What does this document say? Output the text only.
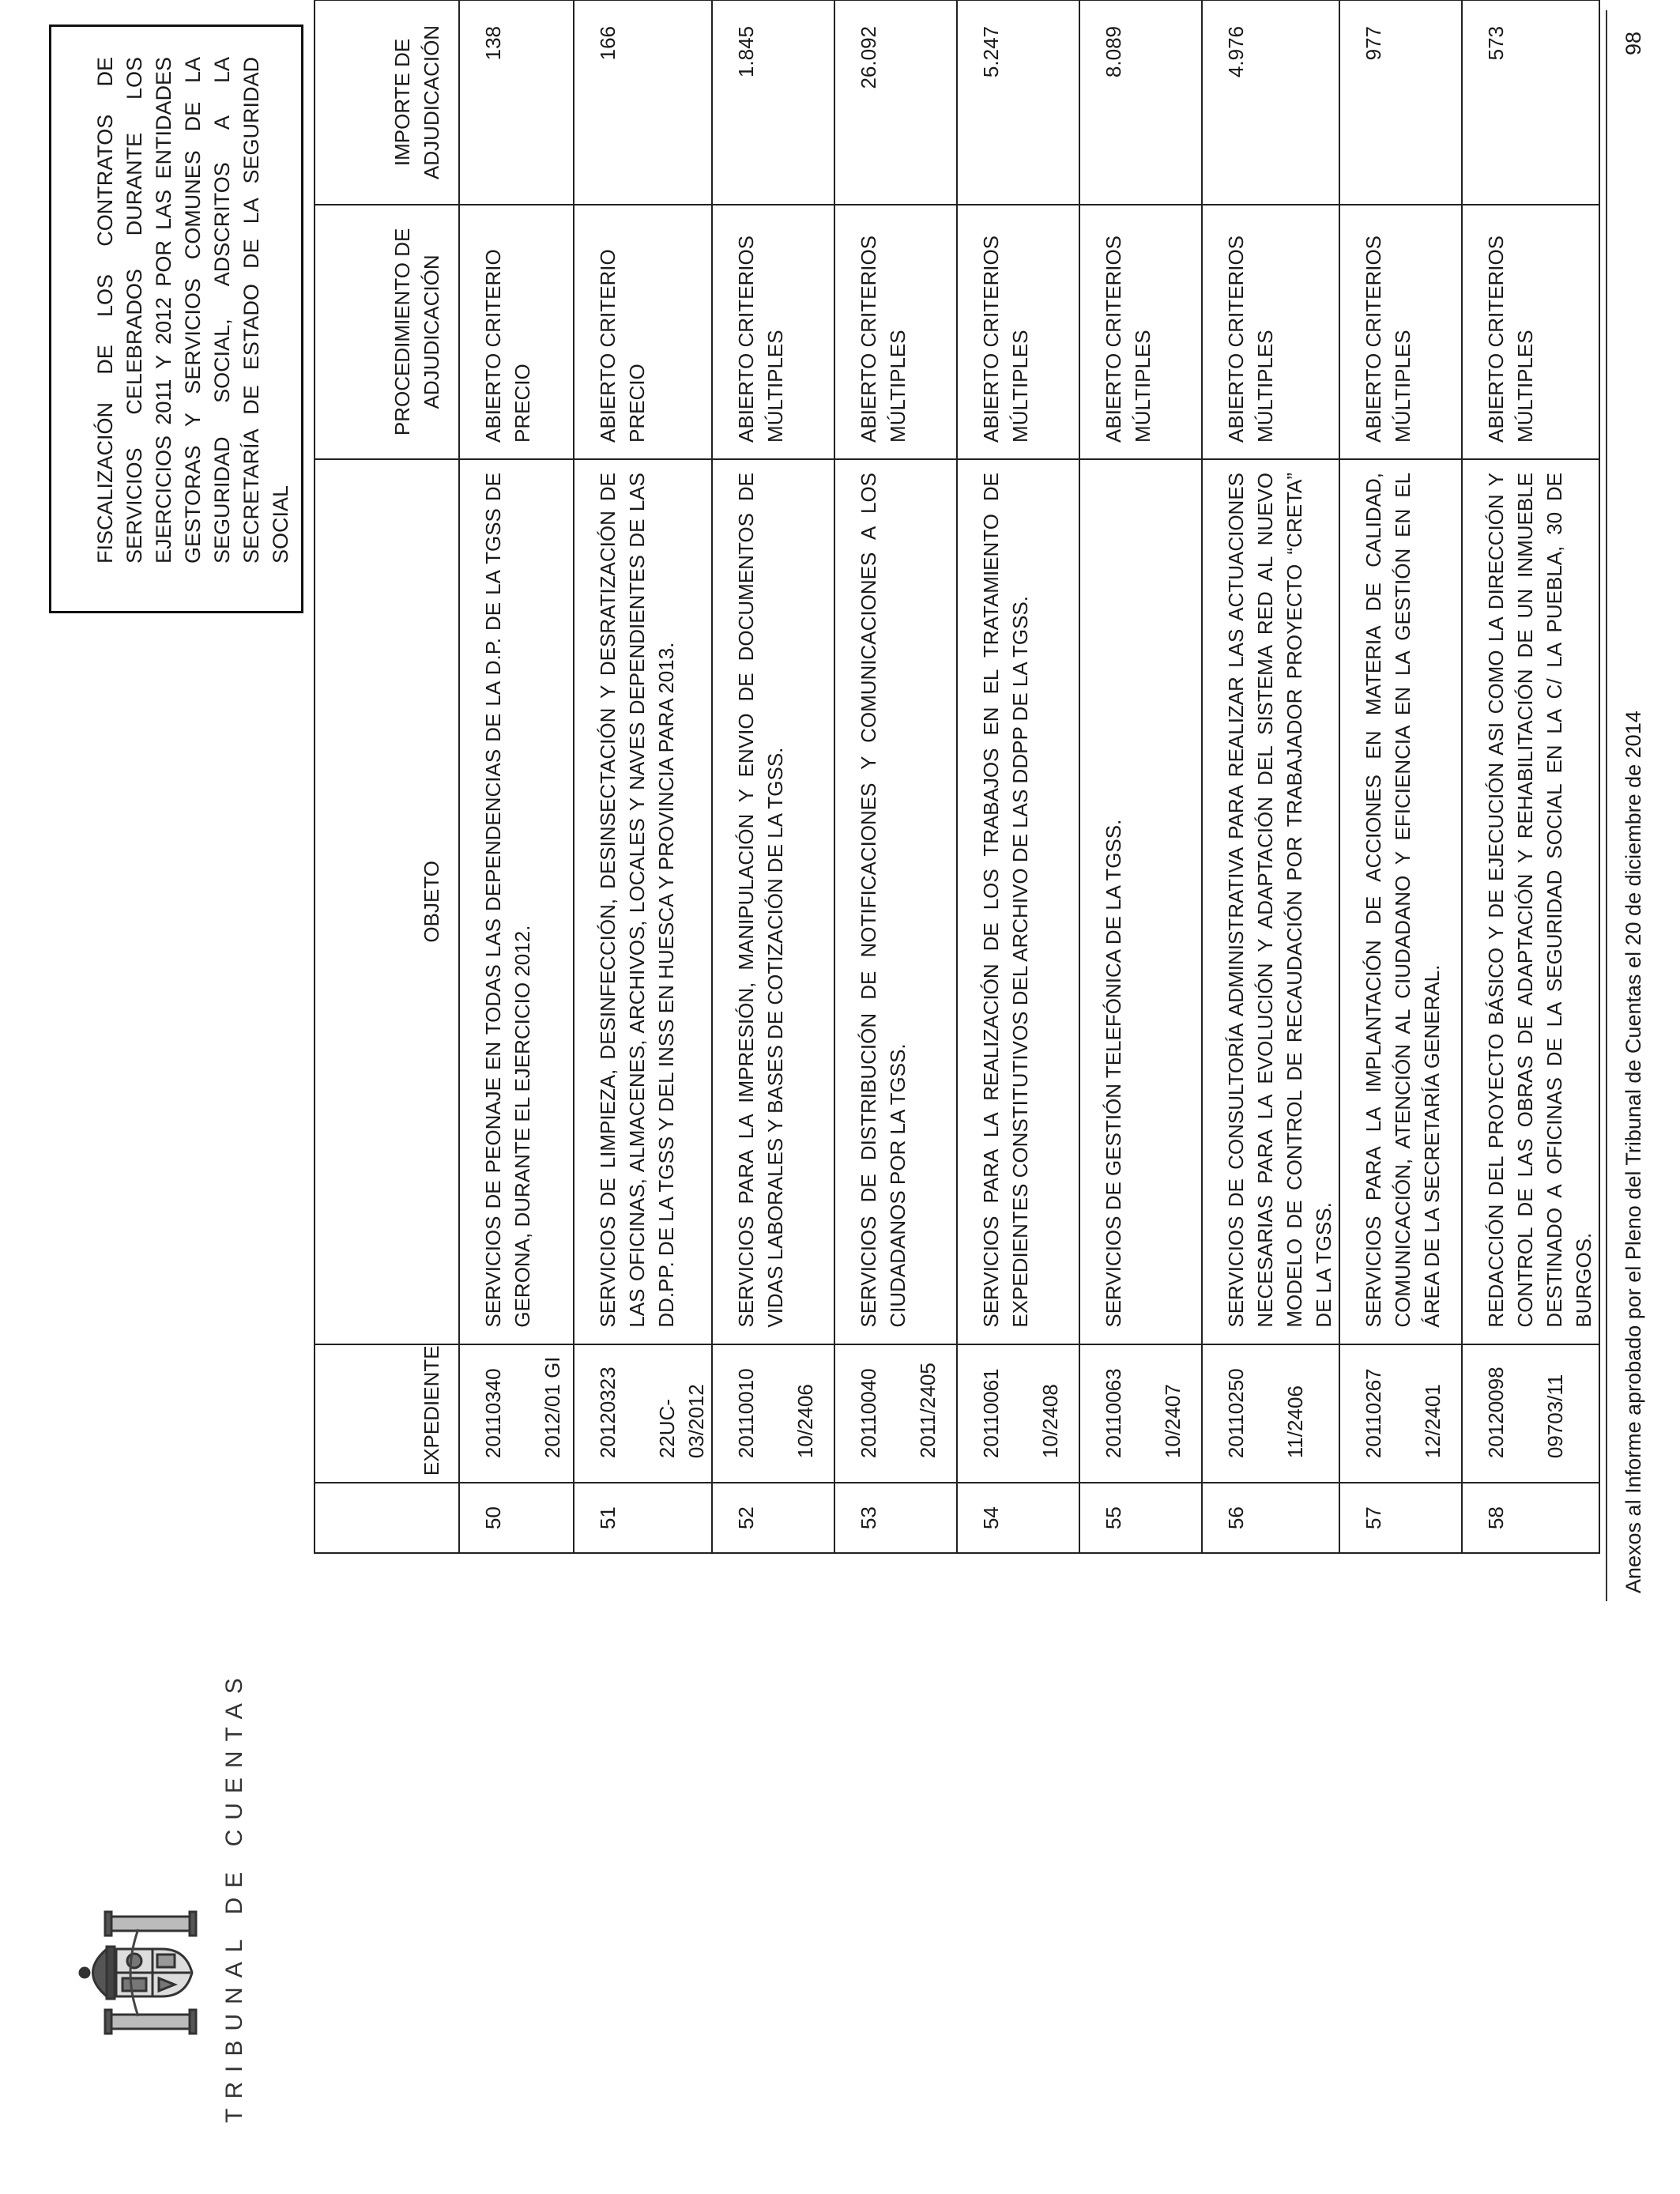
TRIBUNAL DE CUENTAS
FISCALIZACIÓN DE LOS CONTRATOS DE SERVICIOS CELEBRADOS DURANTE LOS EJERCICIOS 2011 Y 2012 POR LAS ENTIDADES GESTORAS Y SERVICIOS COMUNES DE LA SEGURIDAD SOCIAL, ADSCRITOS A LA SECRETARÍA DE ESTADO DE LA SEGURIDAD SOCIAL
	EXPEDIENTE	OBJETO	PROCEDIMIENTO DE ADJUDICACIÓN	IMPORTE DE ADJUDICACIÓN
50	20110340 2012/01 GI	SERVICIOS DE PEONAJE EN TODAS LAS DEPENDENCIAS DE LA D.P. DE LA TGSS DE GERONA, DURANTE EL EJERCICIO 2012.	ABIERTO CRITERIO PRECIO	138
51	20120323 22UC-03/2012	SERVICIOS DE LIMPIEZA, DESINFECCIÓN, DESINSECTACIÓN Y DESRATIZACIÓN DE LAS OFICINAS, ALMACENES, ARCHIVOS, LOCALES Y NAVES DEPENDIENTES DE LAS DD.PP. DE LA TGSS Y DEL INSS EN HUESCA Y PROVINCIA PARA 2013.	ABIERTO CRITERIO PRECIO	166
52	20110010 10/2406	SERVICIOS PARA LA IMPRESIÓN, MANIPULACIÓN Y ENVIO DE DOCUMENTOS DE VIDAS LABORALES Y BASES DE COTIZACIÓN DE LA TGSS.	ABIERTO CRITERIOS MÚLTIPLES	1.845
53	20110040 2011/2405	SERVICIOS DE DISTRIBUCIÓN DE NOTIFICACIONES Y COMUNICACIONES A LOS CIUDADANOS POR LA TGSS.	ABIERTO CRITERIOS MÚLTIPLES	26.092
54	20110061 10/2408	SERVICIOS PARA LA REALIZACIÓN DE LOS TRABAJOS EN EL TRATAMIENTO DE EXPEDIENTES CONSTITUTIVOS DEL ARCHIVO DE LAS DDPP DE LA TGSS.	ABIERTO CRITERIOS MÚLTIPLES	5.247
55	20110063 10/2407	SERVICIOS DE GESTIÓN TELEFÓNICA DE LA TGSS.	ABIERTO CRITERIOS MÚLTIPLES	8.089
56	20110250 11/2406	SERVICIOS DE CONSULTORÍA ADMINISTRATIVA PARA REALIZAR LAS ACTUACIONES NECESARIAS PARA LA EVOLUCIÓN Y ADAPTACIÓN DEL SISTEMA RED AL NUEVO MODELO DE CONTROL DE RECAUDACIÓN POR TRABAJADOR PROYECTO “CRETA” DE LA TGSS.	ABIERTO CRITERIOS MÚLTIPLES	4.976
57	20110267 12/2401	SERVICIOS PARA LA IMPLANTACIÓN DE ACCIONES EN MATERIA DE CALIDAD, COMUNICACIÓN, ATENCIÓN AL CIUDADANO Y EFICIENCIA EN LA GESTIÓN EN EL ÁREA DE LA SECRETARÍA GENERAL.	ABIERTO CRITERIOS MÚLTIPLES	977
58	20120098 09703/11	REDACCIÓN DEL PROYECTO BÁSICO Y DE EJECUCIÓN ASI COMO LA DIRECCIÓN Y CONTROL DE LAS OBRAS DE ADAPTACIÓN Y REHABILITACIÓN DE UN INMUEBLE DESTINADO A OFICINAS DE LA SEGURIDAD SOCIAL EN LA C/ LA PUEBLA, 30 DE BURGOS.	ABIERTO CRITERIOS MÚLTIPLES	573
Anexos al Informe aprobado por el Pleno del Tribunal de Cuentas el 20 de diciembre de 2014
98
